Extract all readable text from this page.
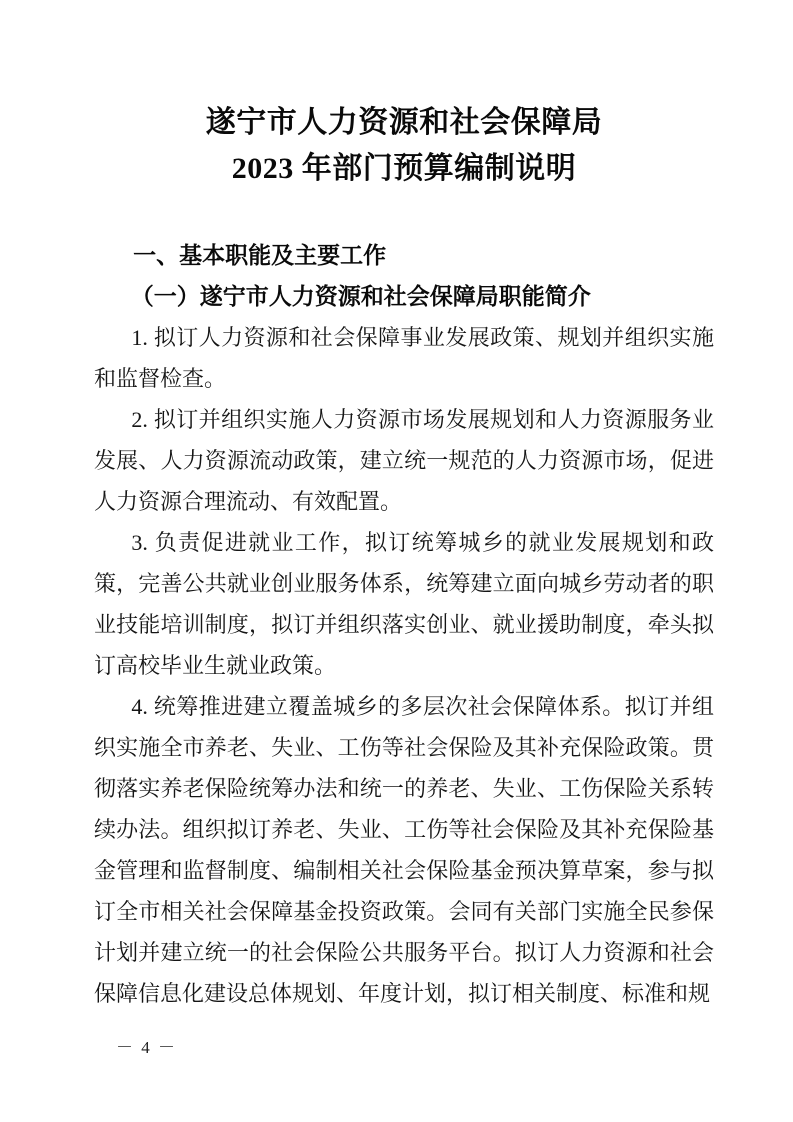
遂宁市人力资源和社会保障局
2023 年部门预算编制说明
一、基本职能及主要工作
（一）遂宁市人力资源和社会保障局职能简介

1. 拟订人力资源和社会保障事业发展政策、规划并组织实施和监督检查。

2. 拟订并组织实施人力资源市场发展规划和人力资源服务业发展、人力资源流动政策，建立统一规范的人力资源市场，促进人力资源合理流动、有效配置。

3. 负责促进就业工作，拟订统筹城乡的就业发展规划和政策，完善公共就业创业服务体系，统筹建立面向城乡劳动者的职业技能培训制度，拟订并组织落实创业、就业援助制度，牵头拟订高校毕业生就业政策。

4. 统筹推进建立覆盖城乡的多层次社会保障体系。拟订并组织实施全市养老、失业、工伤等社会保险及其补充保险政策。贯彻落实养老保险统筹办法和统一的养老、失业、工伤保险关系转续办法。组织拟订养老、失业、工伤等社会保险及其补充保险基金管理和监督制度、编制相关社会保险基金预决算草案，参与拟订全市相关社会保障基金投资政策。会同有关部门实施全民参保计划并建立统一的社会保险公共服务平台。拟订人力资源和社会保障信息化建设总体规划、年度计划，拟订相关制度、标准和规

－ 4 －
